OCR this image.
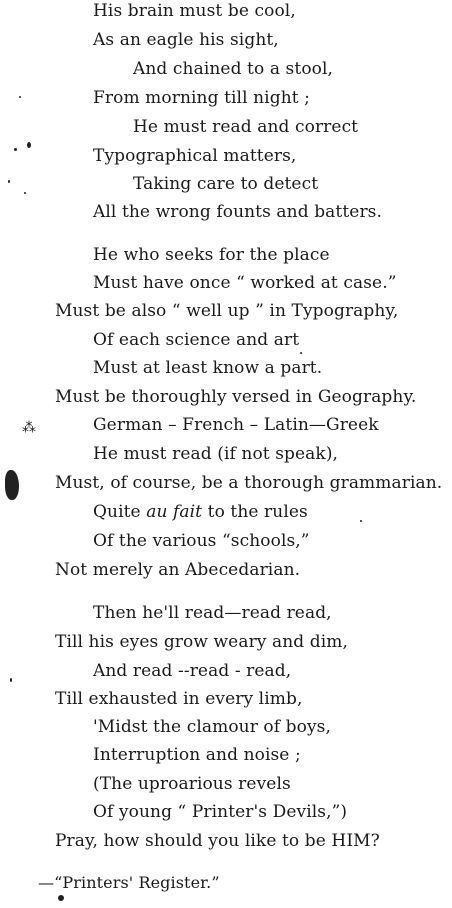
His brain must be cool,
As an eagle his sight,
And chained to a stool,
From morning till night ;
He must read and correct
Typographical matters,
Taking care to detect
All the wrong founts and batters.
He who seeks for the place
Must have once “ worked at case.”
Must be also “ well up ” in Typography,
Of each science and art
Must at least know a part.
Must be thoroughly versed in Geography.
German – French – Latin—Greek
He must read (if not speak),
Must, of course, be a thorough grammarian.
Quite au fait to the rules
Of the various “schools,”
Not merely an Abecedarian.
Then he'll read—read read,
Till his eyes grow weary and dim,
And read --read - read,
Till exhausted in every limb,
'Midst the clamour of boys,
Interruption and noise ;
(The uproarious revels
Of young “ Printer's Devils,”)
Pray, how should you like to be HIM?
—“Printers' Register.”
⁂
